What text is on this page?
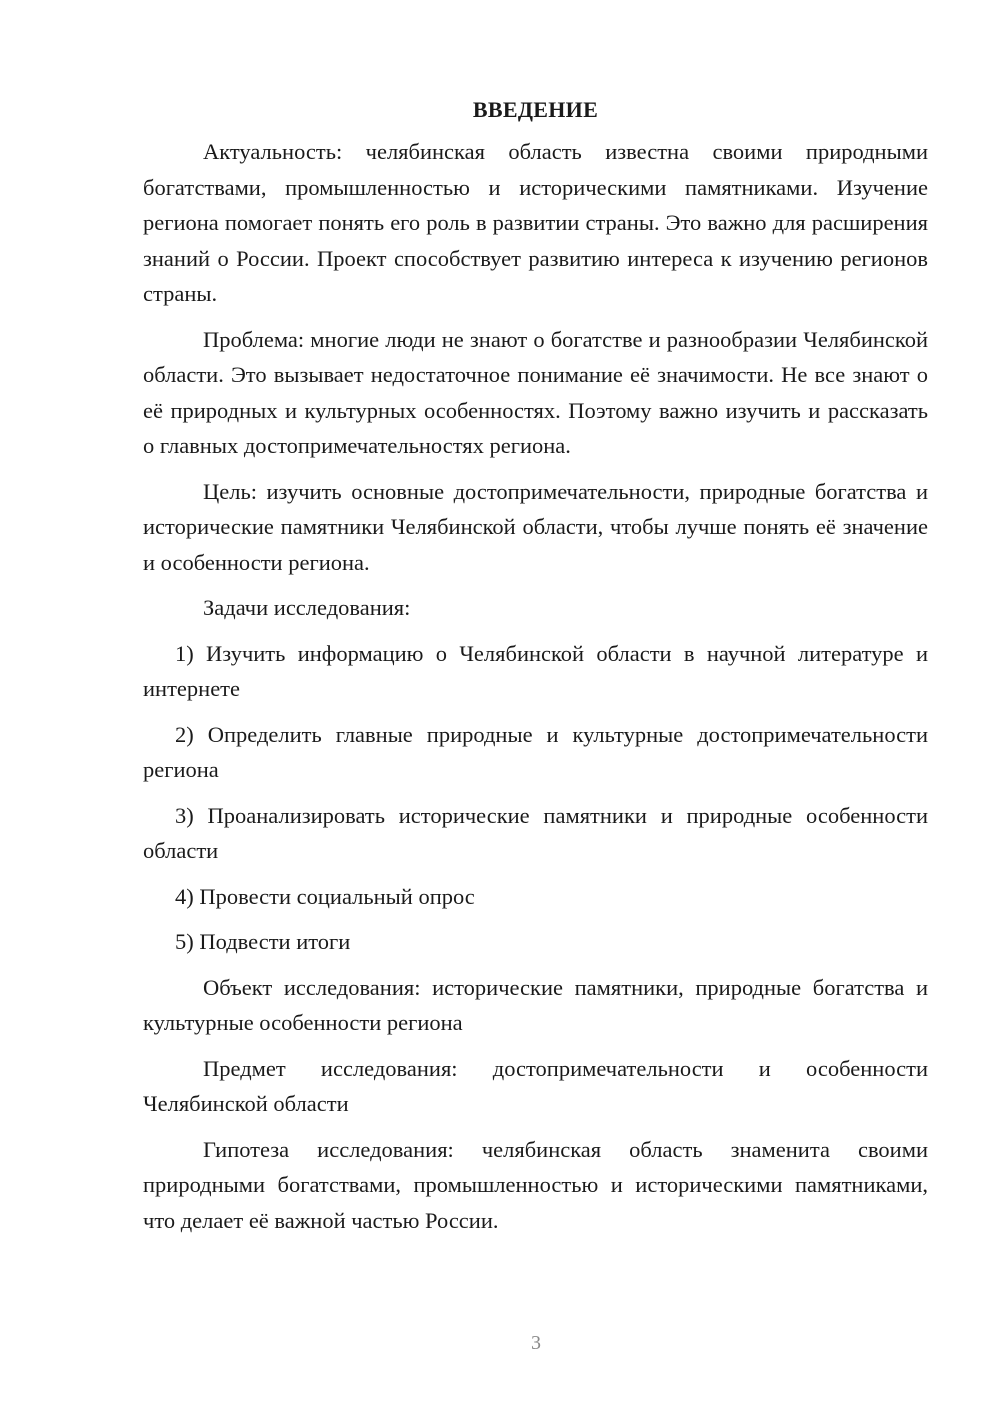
ВВЕДЕНИЕ

Актуальность: челябинская область известна своими природными богатствами, промышленностью и историческими памятниками. Изучение региона помогает понять его роль в развитии страны. Это важно для расширения знаний о России. Проект способствует развитию интереса к изучению регионов страны.

Проблема: многие люди не знают о богатстве и разнообразии Челябинской области. Это вызывает недостаточное понимание её значимости. Не все знают о её природных и культурных особенностях. Поэтому важно изучить и рассказать о главных достопримечательностях региона.

Цель: изучить основные достопримечательности, природные богатства и исторические памятники Челябинской области, чтобы лучше понять её значение и особенности региона.

Задачи исследования:

1) Изучить информацию о Челябинской области в научной литературе и интернете

2) Определить главные природные и культурные достопримечательности региона

3) Проанализировать исторические памятники и природные особенности области

4) Провести социальный опрос

5) Подвести итоги

Объект исследования: исторические памятники, природные богатства и культурные особенности региона

Предмет исследования: достопримечательности и особенности Челябинской области

Гипотеза исследования: челябинская область знаменита своими природными богатствами, промышленностью и историческими памятниками, что делает её важной частью России.

3
